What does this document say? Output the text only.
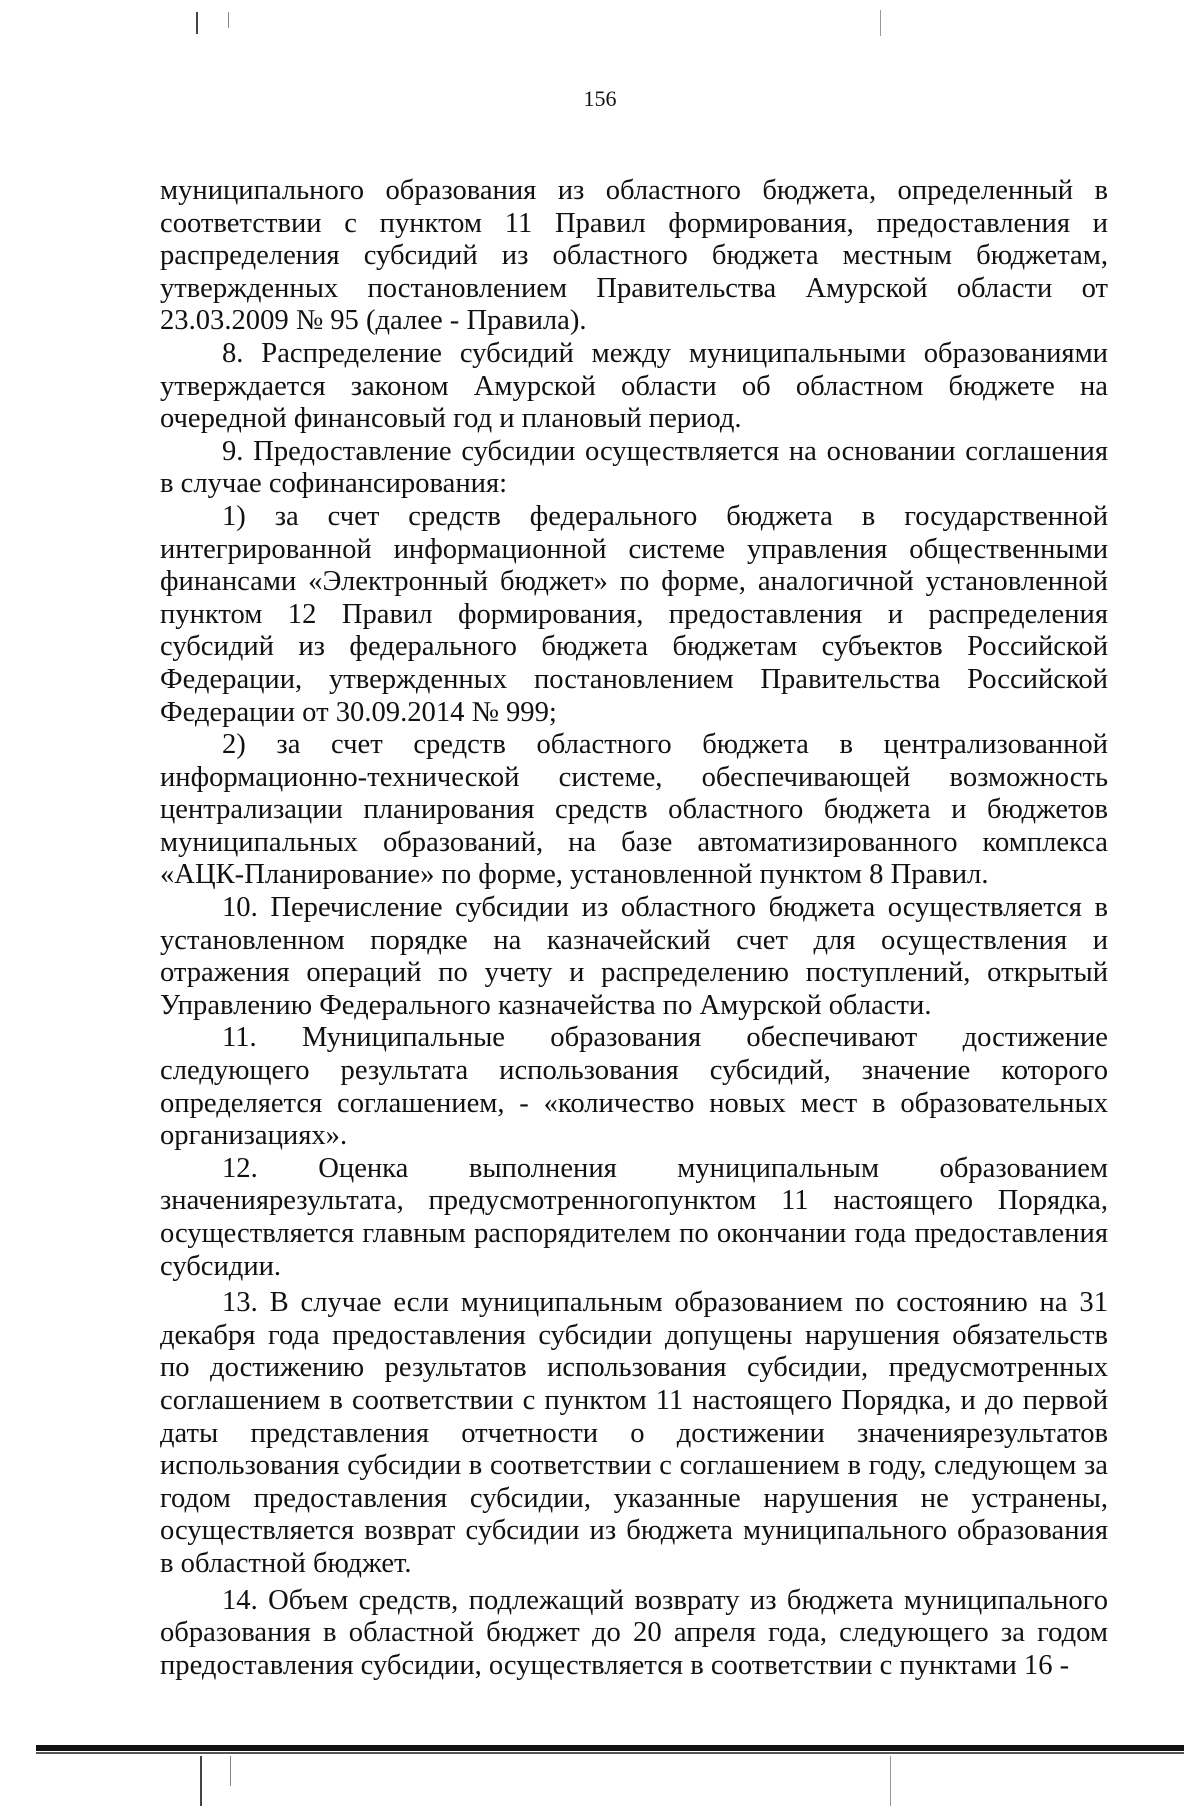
156

муниципального образования из областного бюджета, определенный в соответствии с пунктом 11 Правил формирования, предоставления и распределения субсидий из областного бюджета местным бюджетам, утвержденных постановлением Правительства Амурской области от 23.03.2009 № 95 (далее - Правила).

8. Распределение субсидий между муниципальными образованиями утверждается законом Амурской области об областном бюджете на очередной финансовый год и плановый период.

9. Предоставление субсидии осуществляется на основании соглашения в случае софинансирования:

1) за счет средств федерального бюджета в государственной интегрированной информационной системе управления общественными финансами «Электронный бюджет» по форме, аналогичной установленной пунктом 12 Правил формирования, предоставления и распределения субсидий из федерального бюджета бюджетам субъектов Российской Федерации, утвержденных постановлением Правительства Российской Федерации от 30.09.2014 № 999;

2) за счет средств областного бюджета в централизованной информационно-технической системе, обеспечивающей возможность централизации планирования средств областного бюджета и бюджетов муниципальных образований, на базе автоматизированного комплекса «АЦК-Планирование» по форме, установленной пунктом 8 Правил.

10. Перечисление субсидии из областного бюджета осуществляется в установленном порядке на казначейский счет для осуществления и отражения операций по учету и распределению поступлений, открытый Управлению Федерального казначейства по Амурской области.

11. Муниципальные образования обеспечивают достижение следующего результата использования субсидий, значение которого определяется соглашением, - «количество новых мест в образовательных организациях».

12. Оценка выполнения муниципальным образованием значениярезультата, предусмотренногопунктом 11 настоящего Порядка, осуществляется главным распорядителем по окончании года предоставления субсидии.

13. В случае если муниципальным образованием по состоянию на 31 декабря года предоставления субсидии допущены нарушения обязательств по достижению результатов использования субсидии, предусмотренных соглашением в соответствии с пунктом 11 настоящего Порядка, и до первой даты представления отчетности о достижении значениярезультатов использования субсидии в соответствии с соглашением в году, следующем за годом предоставления субсидии, указанные нарушения не устранены, осуществляется возврат субсидии из бюджета муниципального образования в областной бюджет.

14. Объем средств, подлежащий возврату из бюджета муниципального образования в областной бюджет до 20 апреля года, следующего за годом предоставления субсидии, осуществляется в соответствии с пунктами 16 -
